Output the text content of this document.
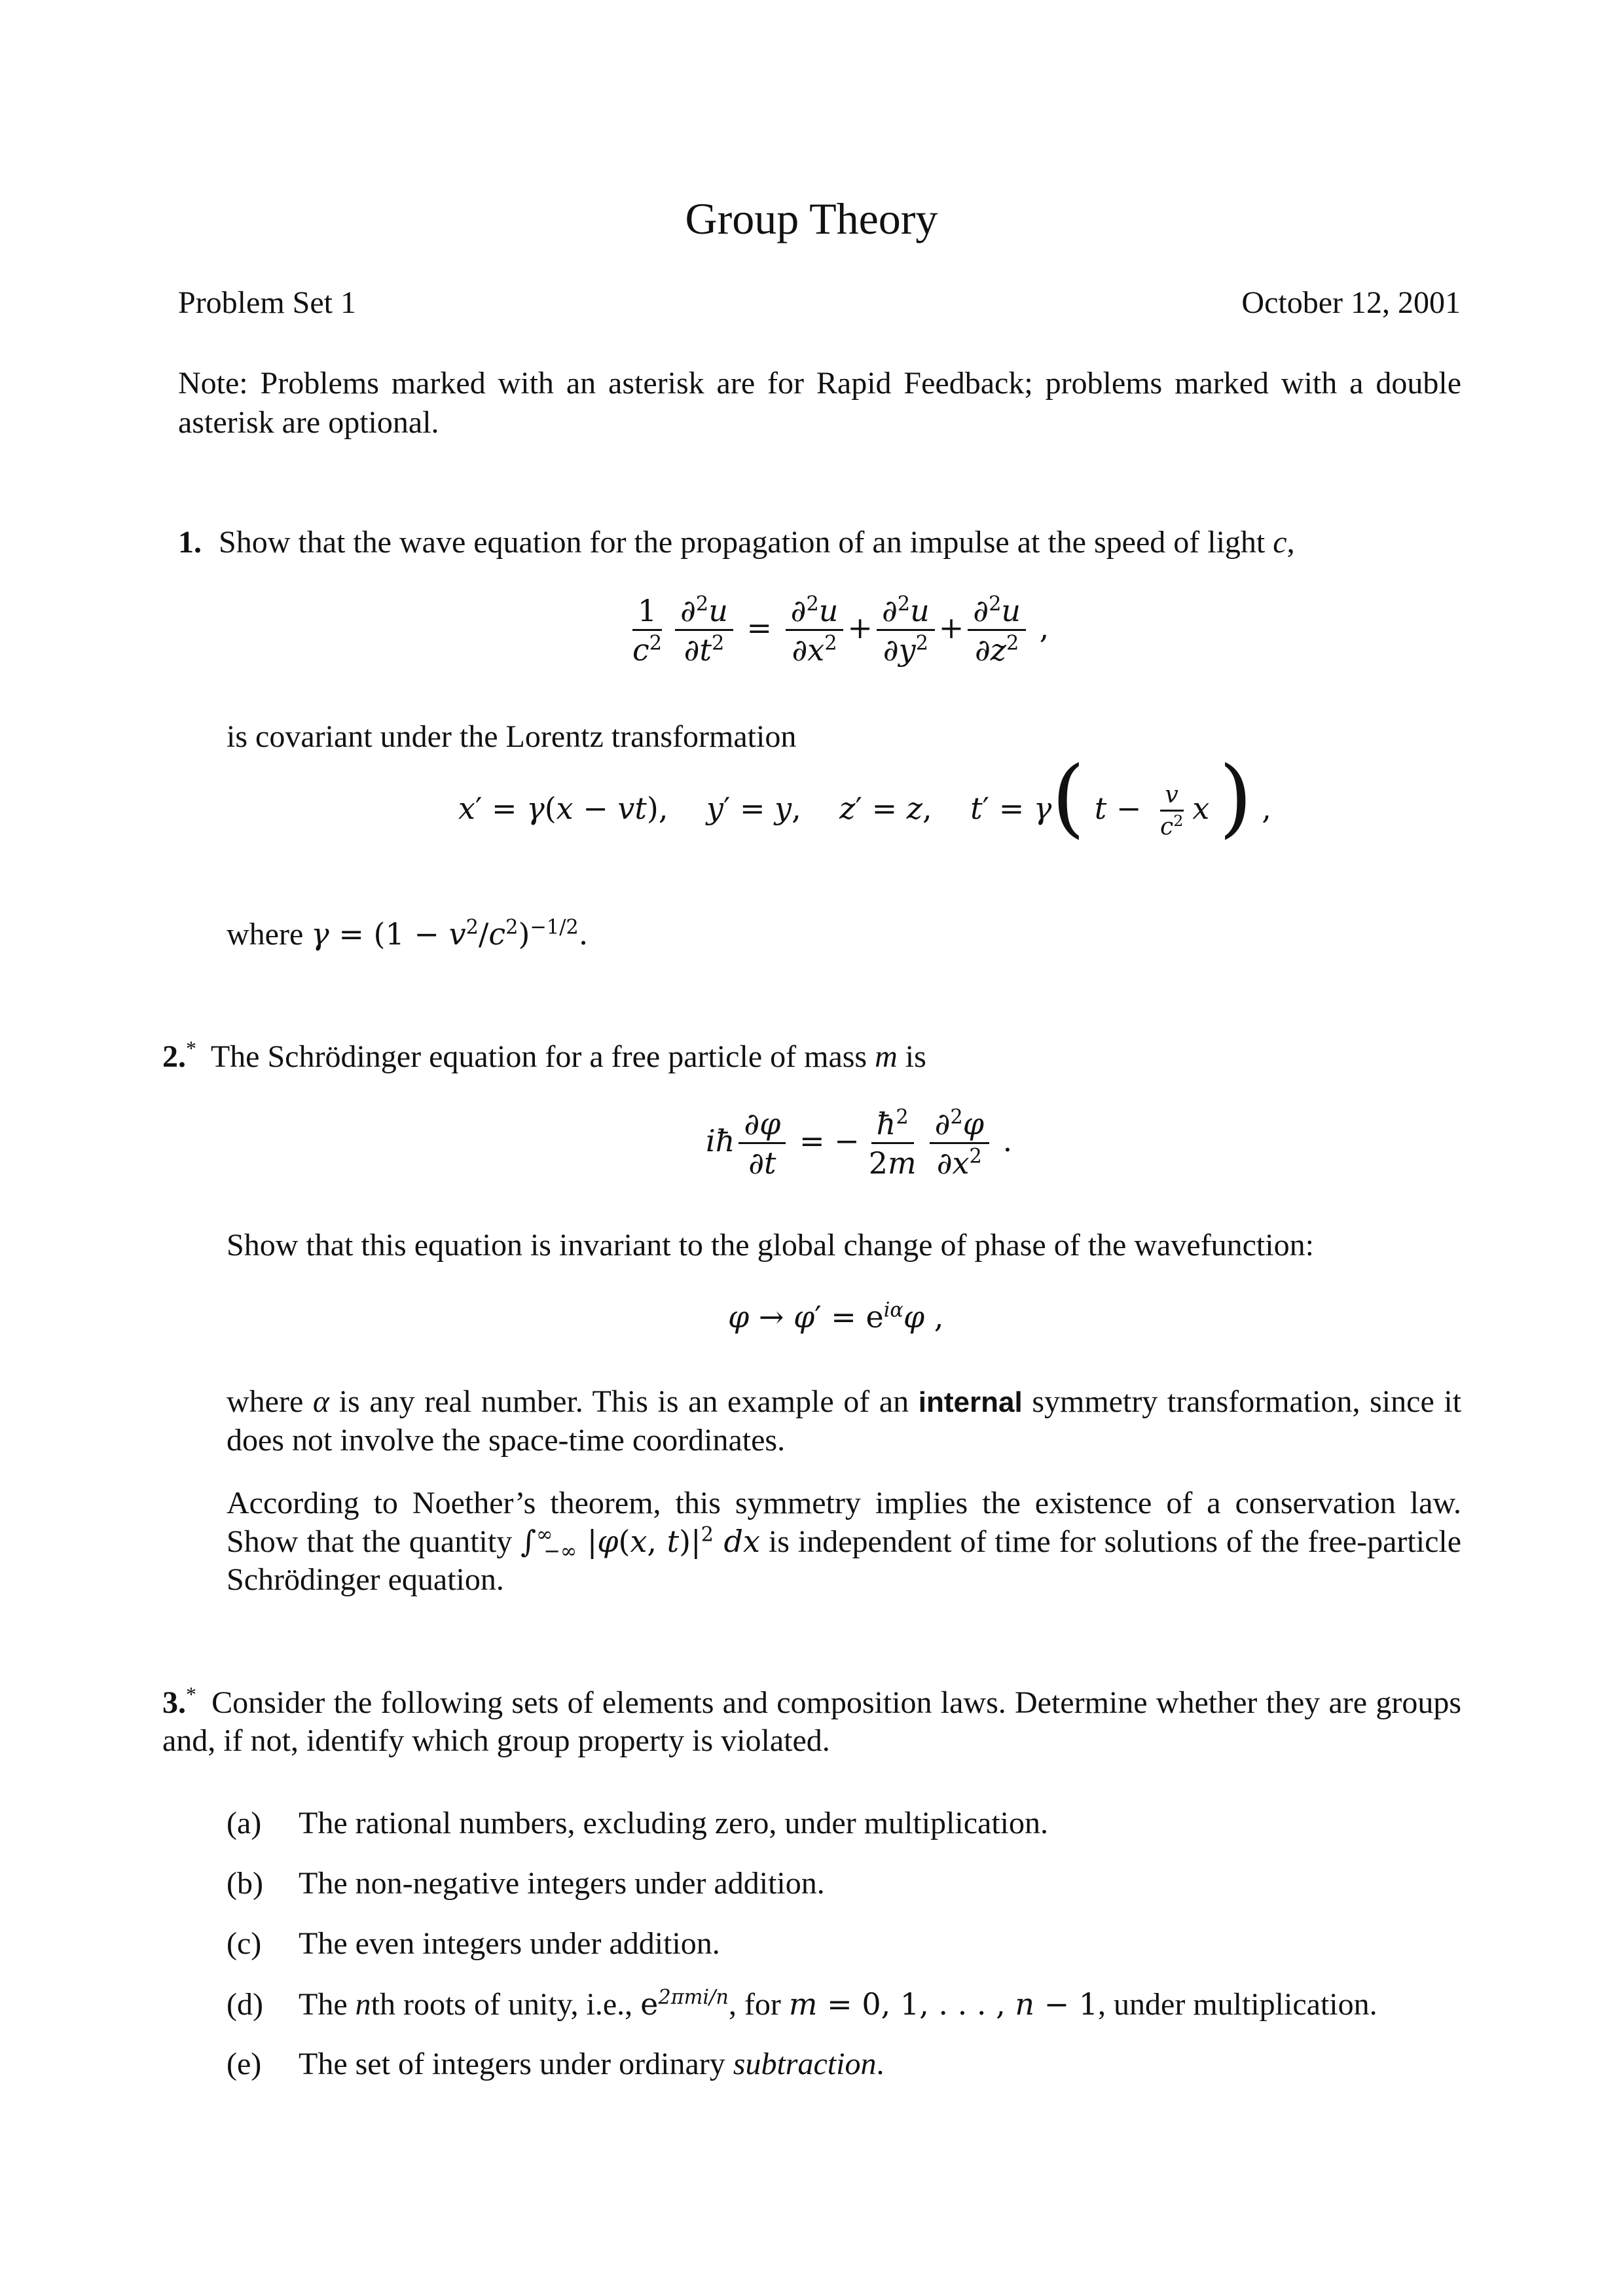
Group Theory
Problem Set 1	October 12, 2001
Note: Problems marked with an asterisk are for Rapid Feedback; problems marked with a double asterisk are optional.
1. Show that the wave equation for the propagation of an impulse at the speed of light c,
$\frac{1}{c^2} \frac{\partial^2u}{\partial t^2} = \frac{\partial^2u}{\partial x^2} + \frac{\partial^2u}{\partial y^2} + \frac{\partial^2u}{\partial z^2}$ ,
is covariant under the Lorentz transformation
x′ = γ(x − vt),    y′ = y,    z′ = z,    t′ = γ( $t - \frac{v}{c^2}$ x ) ,
where $\gamma = (1 - v^2/c^2)^{-1/2}$.
2.* The Schrödinger equation for a free particle of mass m is
iħ $\frac{\partial\varphi}{\partial t}$ = − $\frac{ħ^2}{2m} \frac{\partial^2\varphi}{\partial x^2}$ .
Show that this equation is invariant to the global change of phase of the wavefunction:
$\varphi \to \varphi' = e^{i\alpha}\varphi$ ,
where α is any real number. This is an example of an internal symmetry transformation, since it does not involve the space-time coordinates.
According to Noether’s theorem, this symmetry implies the existence of a conservation law. Show that the quantity $\int^\infty_{-\infty}$ |φ(x, $t)|^2$ dx is independent of time for solutions of the free-particle Schrödinger equation.
3.* Consider the following sets of elements and composition laws. Determine whether they are groups and, if not, identify which group property is violated.
(a) The rational numbers, excluding zero, under multiplication.
(b) The non-negative integers under addition.
(c) The even integers under addition.
(d) The nth roots of unity, i.e., $e^{2\pi mi/n}$, for m = 0, 1, . . . , n − 1, under multiplication.
(e) The set of integers under ordinary subtraction.
